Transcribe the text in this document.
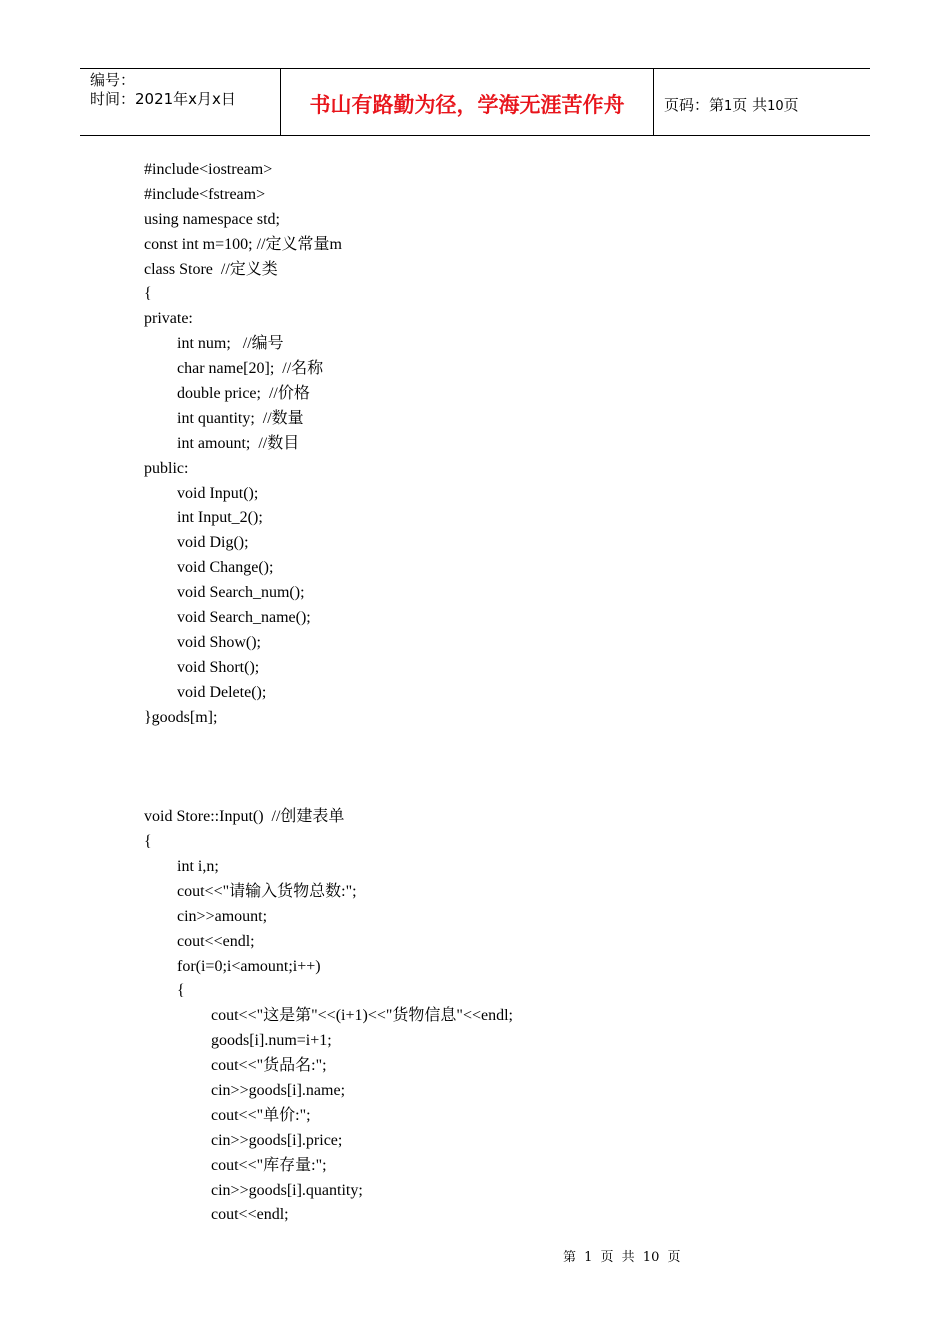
编号：
时间：2021年x月x日	书山有路勤为径，学海无涯苦作舟	页码：第1页 共10页
#include<iostream>
#include<fstream>
using namespace std;
const int m=100; //定义常量m
class Store  //定义类
{
private:
int num;   //编号
char name[20];  //名称
double price;  //价格
int quantity;  //数量
int amount;  //数目
public:
void Input();
int Input_2();
void Dig();
void Change();
void Search_num();
void Search_name();
void Show();
void Short();
void Delete();
}goods[m];
void Store::Input()  //创建表单
{
int i,n;
cout<<"请输入货物总数:";
cin>>amount;
cout<<endl;
for(i=0;i<amount;i++)
{
cout<<"这是第"<<(i+1)<<"货物信息"<<endl;
goods[i].num=i+1;
cout<<"货品名:";
cin>>goods[i].name;
cout<<"单价:";
cin>>goods[i].price;
cout<<"库存量:";
cin>>goods[i].quantity;
cout<<endl;
第 1 页 共 10 页
